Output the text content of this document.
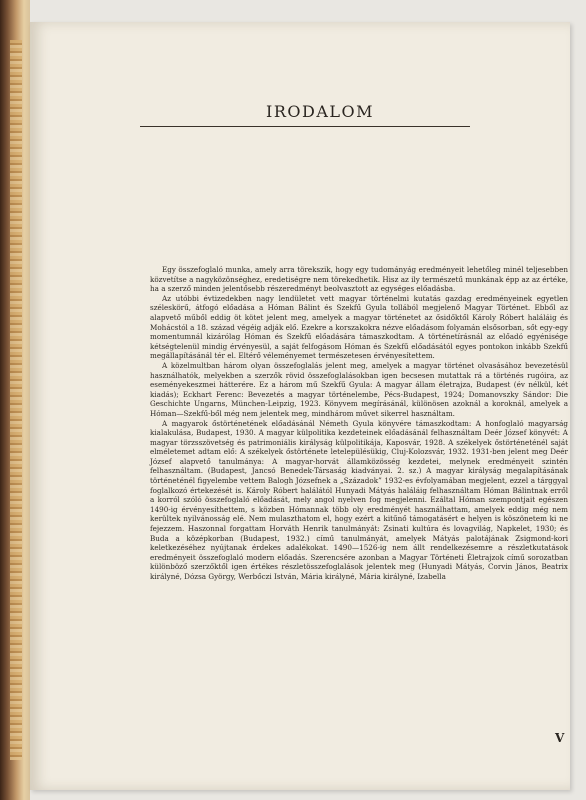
IRODALOM

Egy összefoglaló munka, amely arra törekszik, hogy egy tudományág eredményeit lehetőleg minél teljesebben közvetítse a nagyközönséghez, eredetiségre nem törekedhetik. Hisz az ily természetű munkának épp az az értéke, ha a szerző minden jelentősebb részeredményt beolvasztott az egységes előadásba.

Az utóbbi évtizedekben nagy lendületet vett magyar történelmi kutatás gazdag eredményeinek egyetlen széleskörű, átfogó előadása a Hóman Bálint és Szekfű Gyula tollából megjelenő Magyar Történet. Ebből az alapvető műből eddig öt kötet jelent meg, amelyek a magyar történetet az ősidőktől Károly Róbert haláláig és Mohácstól a 18. század végéig adják elő. Ezekre a korszakokra nézve előadásom folyamán elsősorban, sőt egy-egy momentumnál kizárólag Hóman és Szekfű előadására támaszkodtam. A történetírásnál az előadó egyénisége kétségtelenül mindig érvényesül, a saját felfogásom Hóman és Szekfű előadásától egyes pontokon inkább Szekfű megállapításánál tér el. Eltérő véleményemet természetesen érvényesítettem.

A közelmultban három olyan összefoglalás jelent meg, amelyek a magyar történet olvasásához bevezetésül használhatók, melyekben a szerzők rövid összefoglalásokban igen becsesen mutattak rá a történés rugóira, az eseményekeszmei hátterére. Ez a három mű Szekfű Gyula: A magyar állam életrajza, Budapest (év nélkül, két kiadás); Eckhart Ferenc: Bevezetés a magyar történelembe, Pécs-Budapest, 1924; Domanovszky Sándor: Die Geschichte Ungarns, München-Leipzig, 1923. Könyvem megírásánál, különösen azoknál a koroknál, amelyek a Hóman—Szekfű-ből még nem jelentek meg, mindhárom művet sikerrel használtam.

A magyarok őstörténetének előadásánál Németh Gyula könyvére támaszkodtam: A honfoglaló magyarság kialakulása, Budapest, 1930. A magyar külpolitika kezdeteinek előadásánál felhasználtam Deér József könyvét: A magyar törzsszövetség és patrimoniális királyság külpolitikája, Kaposvár, 1928. A székelyek őstörténeténél saját elméletemet adtam elő: A székelyek őstörténete letelepülésükig, Cluj-Kolozsvár, 1932. 1931-ben jelent meg Deér József alapvető tanulmánya: A magyar-horvát államközösség kezdetei, melynek eredményeit szintén felhasználtam. (Budapest, Jancsó Benedek-Társaság kiadványai. 2. sz.) A magyar királyság megalapításának történeténél figyelembe vettem Balogh Józsefnek a „Századok” 1932-es évfolyamában megjelent, ezzel a tárggyal foglalkozó értekezését is. Károly Róbert halálától Hunyadi Mátyás haláláig felhasználtam Hóman Bálintnak erről a korról szóló összefoglaló előadását, mely angol nyelven fog megjelenni. Ezáltal Hóman szempontjait egészen 1490-ig érvényesíthettem, s közben Hómannak több oly eredményét használhattam, amelyek eddig még nem kerültek nyilvánosság elé. Nem mulaszthatom el, hogy ezért a kitűnő támogatásért e helyen is köszönetem ki ne fejezzem. Haszonnal forgattam Horváth Henrik tanulmányát: Zsinati kultúra és lovagvilág, Napkelet, 1930; és Buda a középkorban (Budapest, 1932.) című tanulmányát, amelyek Mátyás palotájának Zsigmond-kori keletkezéséhez nyújtanak érdekes adalékokat. 1490—1526-ig nem állt rendelkezésemre a részletkutatások eredményeit összefoglaló modern előadás. Szerencsére azonban a Magyar Történeti Életrajzok című sorozatban különböző szerzőktől igen értékes részletösszefoglalások jelentek meg (Hunyadi Mátyás, Corvin János, Beatrix királyné, Dózsa György, Werbőczi István, Mária királyné, Mária királyné, Izabella

V
